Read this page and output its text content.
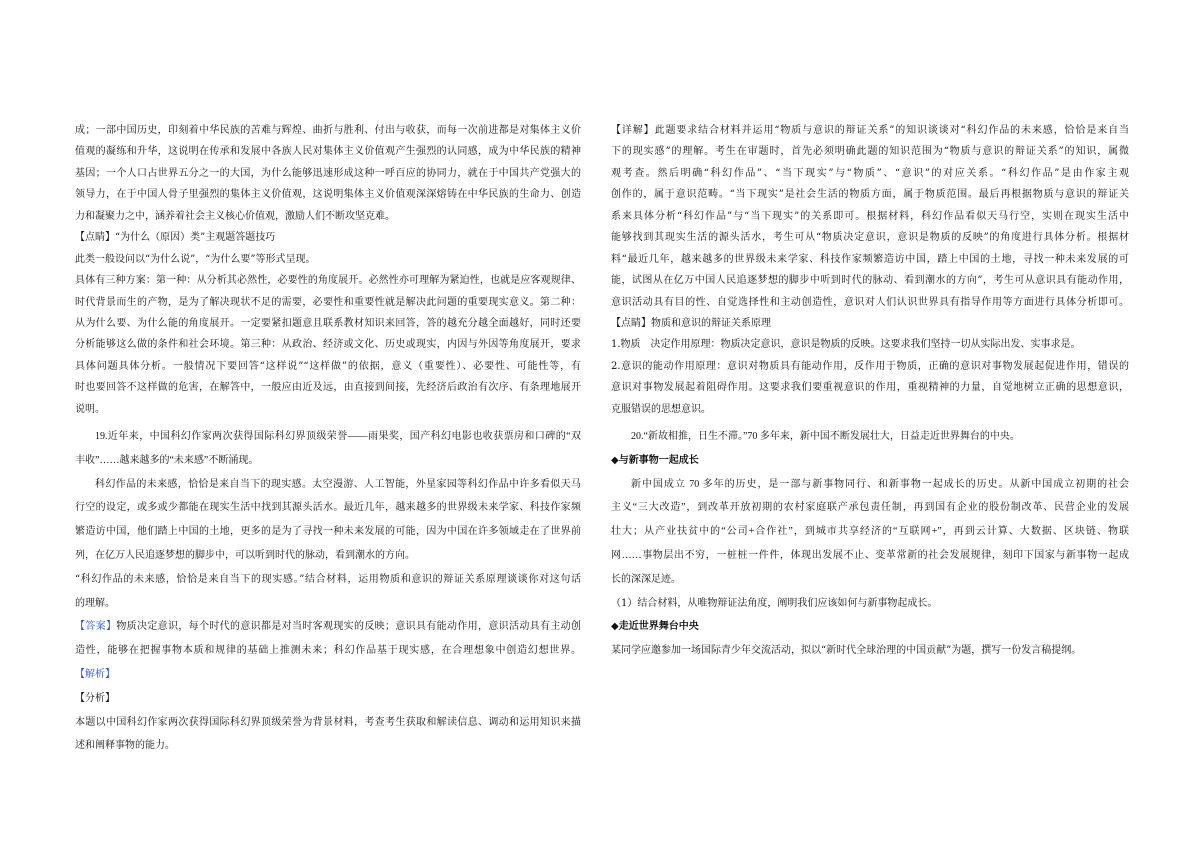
成；一部中国历史，印刻着中华民族的苦难与辉煌、曲折与胜利、付出与收获，而每一次前进都是对集体主义价
值观的凝练和升华，这说明在传承和发展中各族人民对集体主义价值观产生强烈的认同感，成为中华民族的精神
基因；一个人口占世界五分之一的大国，为什么能够迅速形成这种一呼百应的协同力，就在于中国共产党强大的
领导力，在于中国人骨子里强烈的集体主义价值观，这说明集体主义价值观深深熔铸在中华民族的生命力、创造
力和凝聚力之中，涵养着社会主义核心价值观，激励人们不断攻坚克难。
【点睛】“为什么（原因）类”主观题答题技巧
此类一般设问以“为什么说”，“为什么要”等形式呈现。
具体有三种方案：第一种：从分析其必然性，必要性的角度展开。必然性亦可理解为紧迫性，也就是应客观规律、
时代背景而生的产物，是为了解决现状不足的需要，必要性和重要性就是解决此问题的重要现实意义。第二种：
从为什么要、为什么能的角度展开。一定要紧扣题意且联系教材知识来回答，答的越充分越全面越好，同时还要
分析能够这么做的条件和社会环境。第三种：从政治、经济或文化、历史或现实，内因与外因等角度展开，要求
具体问题具体分析。一般情况下要回答“这样说”“这样做”的依据，意义（重要性）、必要性、可能性等，有
时也要回答不这样做的危害，在解答中，一般应由近及远，由直接到间接，先经济后政治有次序、有条理地展开
说明。
19.近年来，中国科幻作家两次获得国际科幻界顶级荣誉——雨果奖，国产科幻电影也收获票房和口碑的“双
丰收”……越来越多的“未来感”不断涌现。
科幻作品的未来感，恰恰是来自当下的现实感。太空漫游、人工智能，外星家园等科幻作品中许多看似天马
行空的设定，或多或少都能在现实生活中找到其源头活水。最近几年，越来越多的世界级未来学家、科技作家频
繁造访中国，他们踏上中国的土地，更多的是为了寻找一种未来发展的可能，因为中国在许多领域走在了世界前
列，在亿万人民追逐梦想的脚步中，可以听到时代的脉动，看到潮水的方向。
“科幻作品的未来感，恰恰是来自当下的现实感。”结合材料，运用物质和意识的辩证关系原理谈谈你对这句话
的理解。
【答案】物质决定意识，每个时代的意识都是对当时客观现实的反映；意识具有能动作用，意识活动具有主动创
造性，能够在把握事物本质和规律的基础上推测未来；科幻作品基于现实感，在合理想象中创造幻想世界。
【解析】
【分析】
本题以中国科幻作家两次获得国际科幻界顶级荣誉为背景材料，考查考生获取和解读信息、调动和运用知识来描
述和阐释事物的能力。
【详解】此题要求结合材料并运用“物质与意识的辩证关系”的知识谈谈对“科幻作品的未来感，恰恰是来自当
下的现实感”的理解。考生在审题时，首先必须明确此题的知识范围为“物质与意识的辩证关系”的知识，属微
观考查。然后明确“科幻作品”、“当下现实”与“物质”、“意识”的对应关系。“科幻作品”是由作家主观
创作的，属于意识范畴。“当下现实”是社会生活的物质方面，属于物质范围。最后再根据物质与意识的辩证关
系来具体分析“科幻作品”与“当下现实”的关系即可。根据材料，科幻作品看似天马行空，实则在现实生活中
能够找到其现实生活的源头活水，考生可从“物质决定意识，意识是物质的反映”的角度进行具体分析。根据材
料“最近几年，越来越多的世界级未来学家、科技作家频繁造访中国，踏上中国的土地，寻找一种未来发展的可
能，试图从在亿万中国人民追逐梦想的脚步中听到时代的脉动、看到潮水的方向”，考生可从意识具有能动作用，
意识活动具有目的性、自觉选择性和主动创造性，意识对人们认识世界具有指导作用等方面进行具体分析即可。
【点睛】物质和意识的辩证关系原理
1.物质　决定作用原理：物质决定意识，意识是物质的反映。这要求我们坚持一切从实际出发、实事求是。
2.意识的能动作用原理：意识对物质具有能动作用，反作用于物质，正确的意识对事物发展起促进作用，错误的
意识对事物发展起着阻碍作用。这要求我们要重视意识的作用，重视精神的力量，自觉地树立正确的思想意识，
克服错误的思想意识。
20.“新故相推，日生不滞。”70 多年来，新中国不断发展壮大，日益走近世界舞台的中央。
◆与新事物一起成长
新中国成立 70 多年的历史，是一部与新事物同行、和新事物一起成长的历史。从新中国成立初期的社会
主义“三大改造”，到改革开放初期的农村家庭联产承包责任制，再到国有企业的股份制改革、民营企业的发展
壮大；从产业扶贫中的“公司+合作社”，到城市共享经济的“互联网+”，再到云计算、大数据、区块链、物联
网……事物层出不穷，一桩桩一件件，体现出发展不止、变革常新的社会发展规律，刻印下国家与新事物一起成
长的深深足迹。
（1）结合材料，从唯物辩证法角度，阐明我们应该如何与新事物起成长。
◆走近世界舞台中央
某同学应邀参加一场国际青少年交流活动，拟以“新时代全球治理的中国贡献”为题，撰写一份发言稿提纲。
